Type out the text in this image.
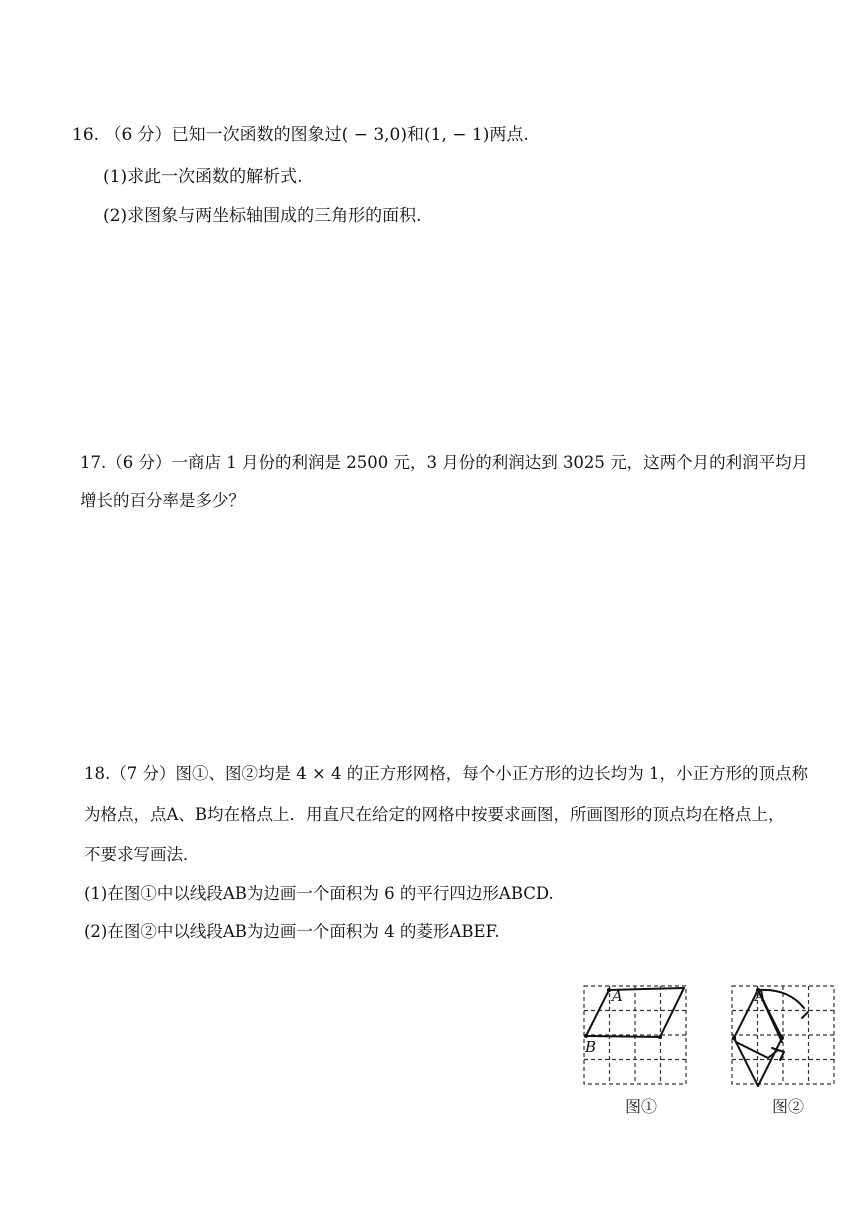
16. （6 分）已知一次函数的图象过( − 3,0)和(1, − 1)两点.
(1)求此一次函数的解析式.
(2)求图象与两坐标轴围成的三角形的面积.
17.（6 分）一商店 1 月份的利润是 2500 元，3 月份的利润达到 3025 元，这两个月的利润平均月
增长的百分率是多少？
18.（7 分）图①、图②均是 4 × 4 的正方形网格，每个小正方形的边长均为 1，小正方形的顶点称
为格点，点A、B均在格点上．用直尺在给定的网格中按要求画图，所画图形的顶点均在格点上，
不要求写画法．
(1)在图①中以线段AB为边画一个面积为 6 的平行四边形ABCD.
(2)在图②中以线段AB为边画一个面积为 4 的菱形ABEF.
A
B
图①
A
图②
